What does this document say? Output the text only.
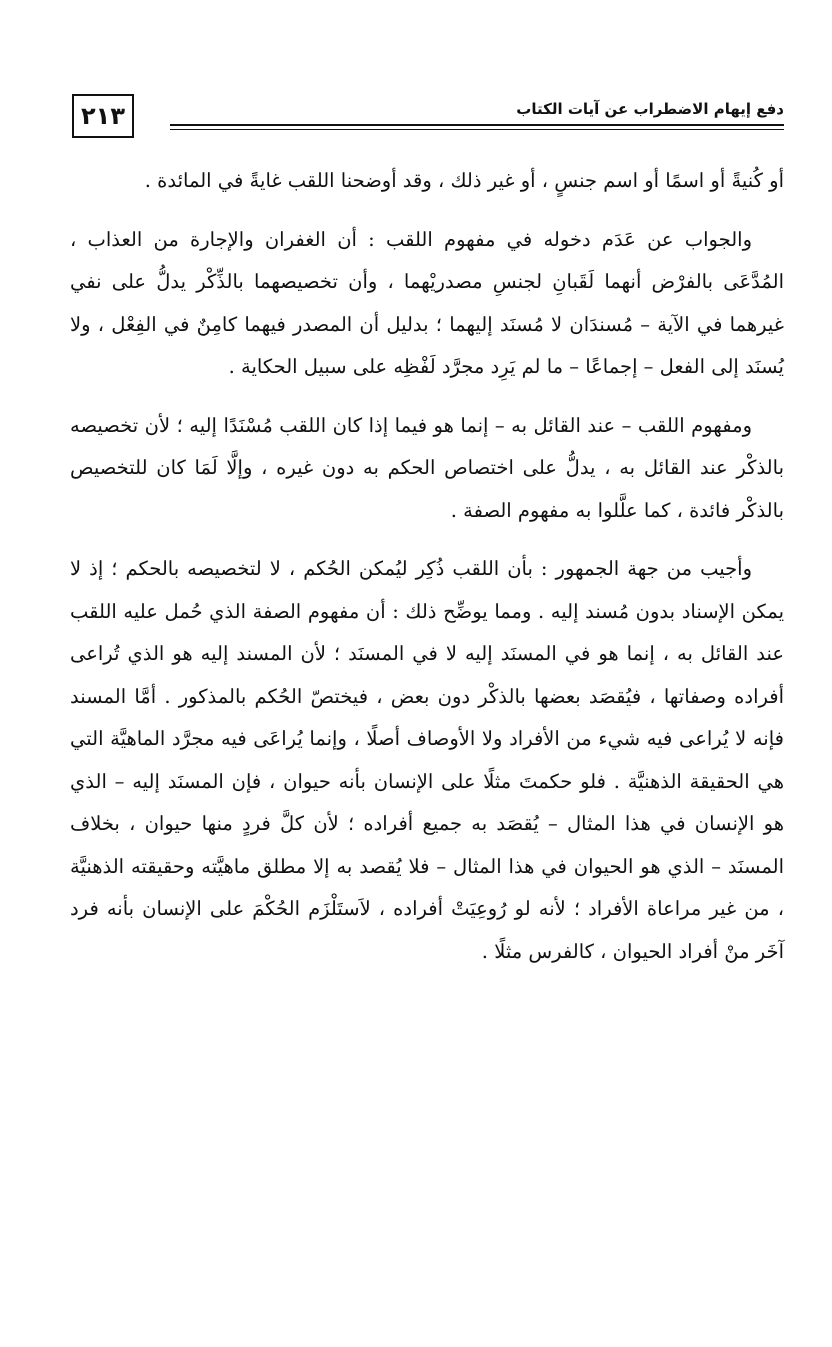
٢١٣	دفع إيهام الاضطراب عن آيات الكتاب

أو كُنيةً أو اسمًا أو اسم جنسٍ ، أو غير ذلك ، وقد أوضحنا اللقب غايةً في المائدة .

والجواب عن عَدَم دخوله في مفهوم اللقب : أن الغفران والإجارة من العذاب ، المُدَّعَى بالفرْض أنهما لَقَبانِ لجنسِ مصدريْهما ، وأن تخصيصهما بالذِّكْر يدلُّ على نفي غيرهما في الآية – مُسندَان لا مُسنَد إليهما ؛ بدليل أن المصدر فيهما كامِنٌ في الفِعْل ، ولا يُسنَد إلى الفعل – إجماعًا – ما لم يَرِد مجرَّد لَفْظِه على سبيل الحكاية .

ومفهوم اللقب – عند القائل به – إنما هو فيما إذا كان اللقب مُسْنَدًا إليه ؛ لأن تخصيصه بالذكْر عند القائل به ، يدلُّ على اختصاص الحكم به دون غيره ، وإلَّا لَمَا كان للتخصيص بالذكْر فائدة ، كما علَّلوا به مفهوم الصفة .

وأجيب من جهة الجمهور : بأن اللقب ذُكِر ليُمكن الحُكم ، لا لتخصيصه بالحكم ؛ إذ لا يمكن الإسناد بدون مُسند إليه . ومما يوضِّح ذلك : أن مفهوم الصفة الذي حُمل عليه اللقب عند القائل به ، إنما هو في المسنَد إليه لا في المسنَد ؛ لأن المسند إليه هو الذي تُراعى أفراده وصفاتها ، فيُقصَد بعضها بالذكْر دون بعض ، فيختصّ الحُكم بالمذكور . أمَّا المسند فإنه لا يُراعى فيه شيء من الأفراد ولا الأوصاف أصلًا ، وإنما يُراعَى فيه مجرَّد الماهيَّة التي هي الحقيقة الذهنيَّة . فلو حكمتَ مثلًا على الإنسان بأنه حيوان ، فإن المسنَد إليه – الذي هو الإنسان في هذا المثال – يُقصَد به جميع أفراده ؛ لأن كلَّ فردٍ منها حيوان ، بخلاف المسنَد – الذي هو الحيوان في هذا المثال – فلا يُقصد به إلا مطلق ماهيَّته وحقيقته الذهنيَّة ، من غير مراعاة الأفراد ؛ لأنه لو رُوعِيَتْ أفراده ، لاَستَلْزَم الحُكْمَ على الإنسان بأنه فرد آخَر منْ أفراد الحيوان ، كالفرس مثلًا .
